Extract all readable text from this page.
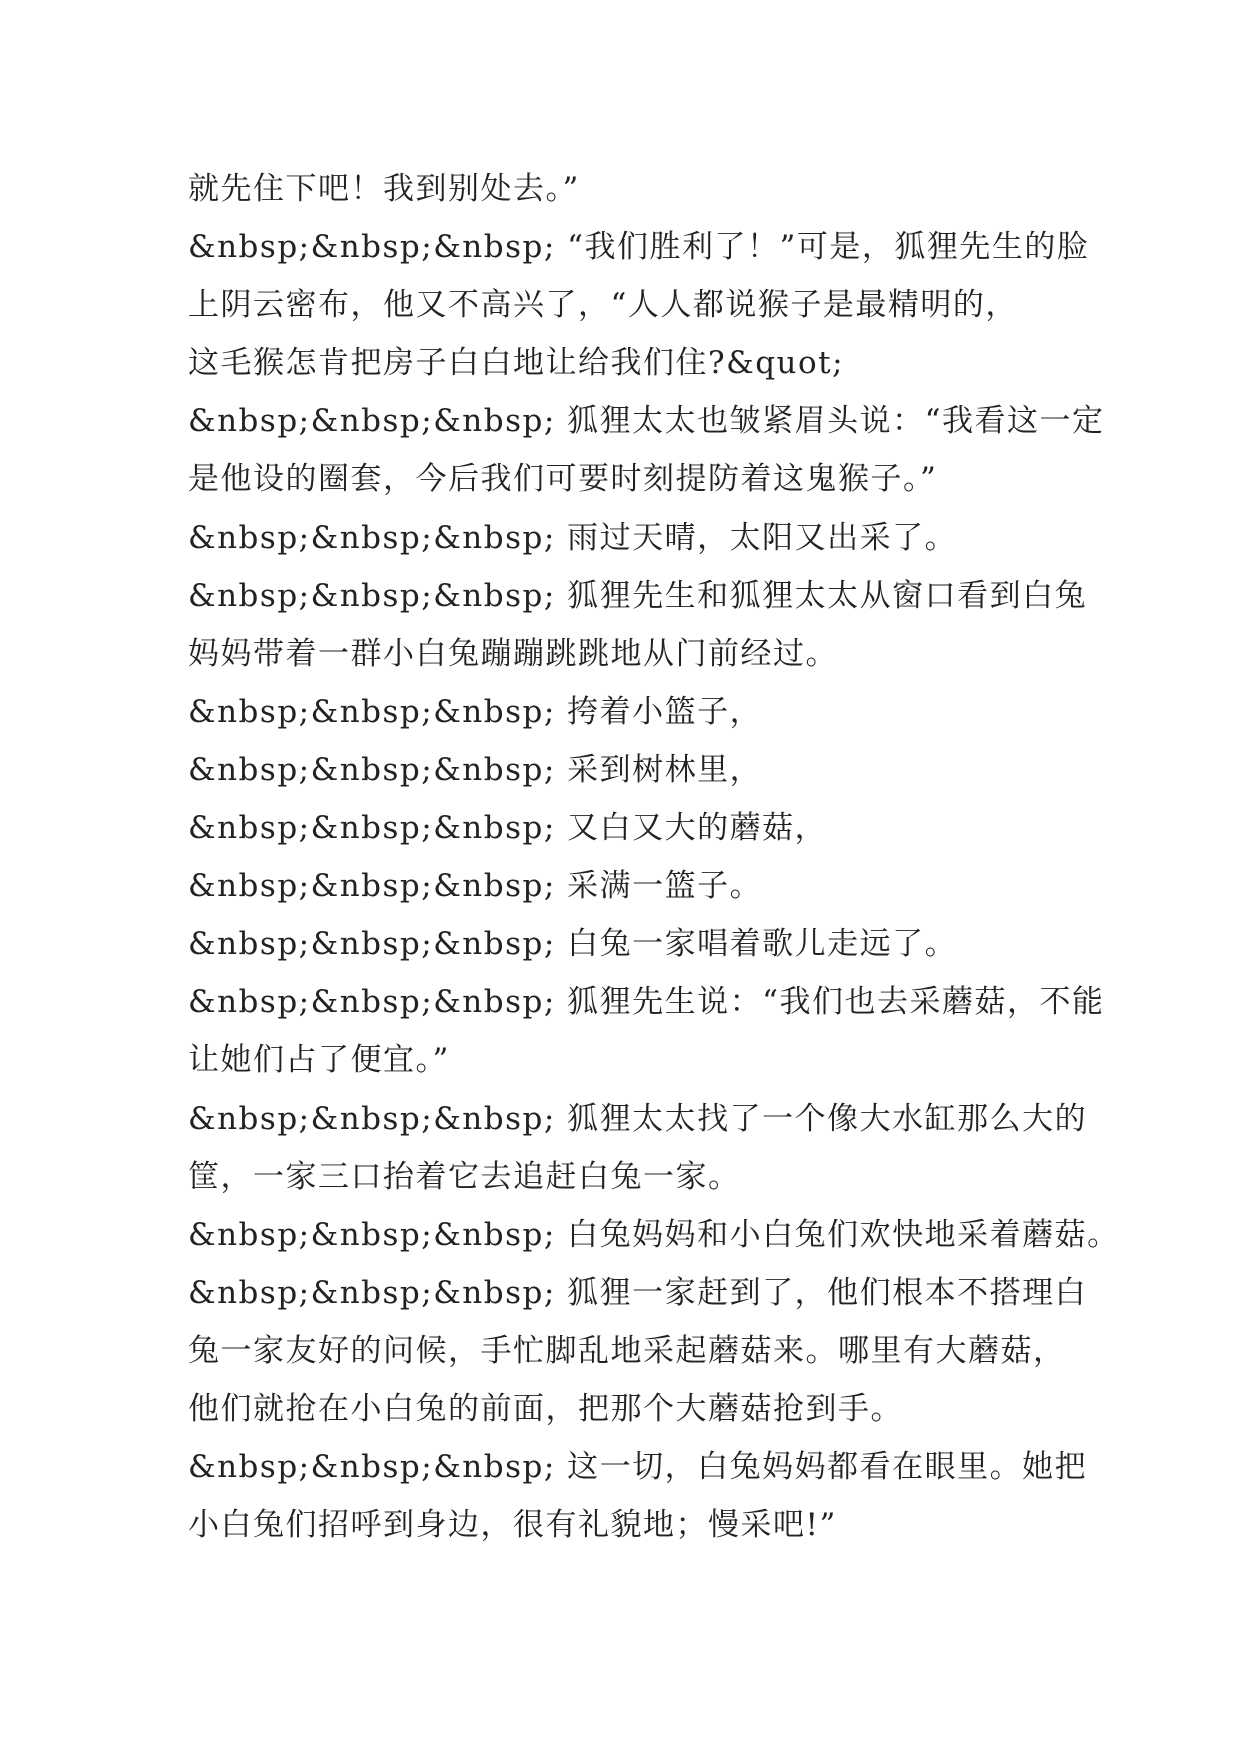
就先住下吧！我到别处去。”
&nbsp;&nbsp;&nbsp; “我们胜利了！”可是，狐狸先生的脸
上阴云密布，他又不高兴了，“人人都说猴子是最精明的，
这毛猴怎肯把房子白白地让给我们住?&quot;
&nbsp;&nbsp;&nbsp; 狐狸太太也皱紧眉头说：“我看这一定
是他设的圈套，今后我们可要时刻提防着这鬼猴子。”
&nbsp;&nbsp;&nbsp; 雨过天晴，太阳又出采了。
&nbsp;&nbsp;&nbsp; 狐狸先生和狐狸太太从窗口看到白兔
妈妈带着一群小白兔蹦蹦跳跳地从门前经过。
&nbsp;&nbsp;&nbsp; 挎着小篮子，
&nbsp;&nbsp;&nbsp; 采到树林里，
&nbsp;&nbsp;&nbsp; 又白又大的蘑菇，
&nbsp;&nbsp;&nbsp; 采满一篮子。
&nbsp;&nbsp;&nbsp; 白兔一家唱着歌儿走远了。
&nbsp;&nbsp;&nbsp; 狐狸先生说：“我们也去采蘑菇，不能
让她们占了便宜。”
&nbsp;&nbsp;&nbsp; 狐狸太太找了一个像大水缸那么大的
筐，一家三口抬着它去追赶白兔一家。
&nbsp;&nbsp;&nbsp; 白兔妈妈和小白兔们欢快地采着蘑菇。
&nbsp;&nbsp;&nbsp; 狐狸一家赶到了，他们根本不搭理白
兔一家友好的问候，手忙脚乱地采起蘑菇来。哪里有大蘑菇，
他们就抢在小白兔的前面，把那个大蘑菇抢到手。
&nbsp;&nbsp;&nbsp; 这一切，白兔妈妈都看在眼里。她把
小白兔们招呼到身边，很有礼貌地；慢采吧!”
